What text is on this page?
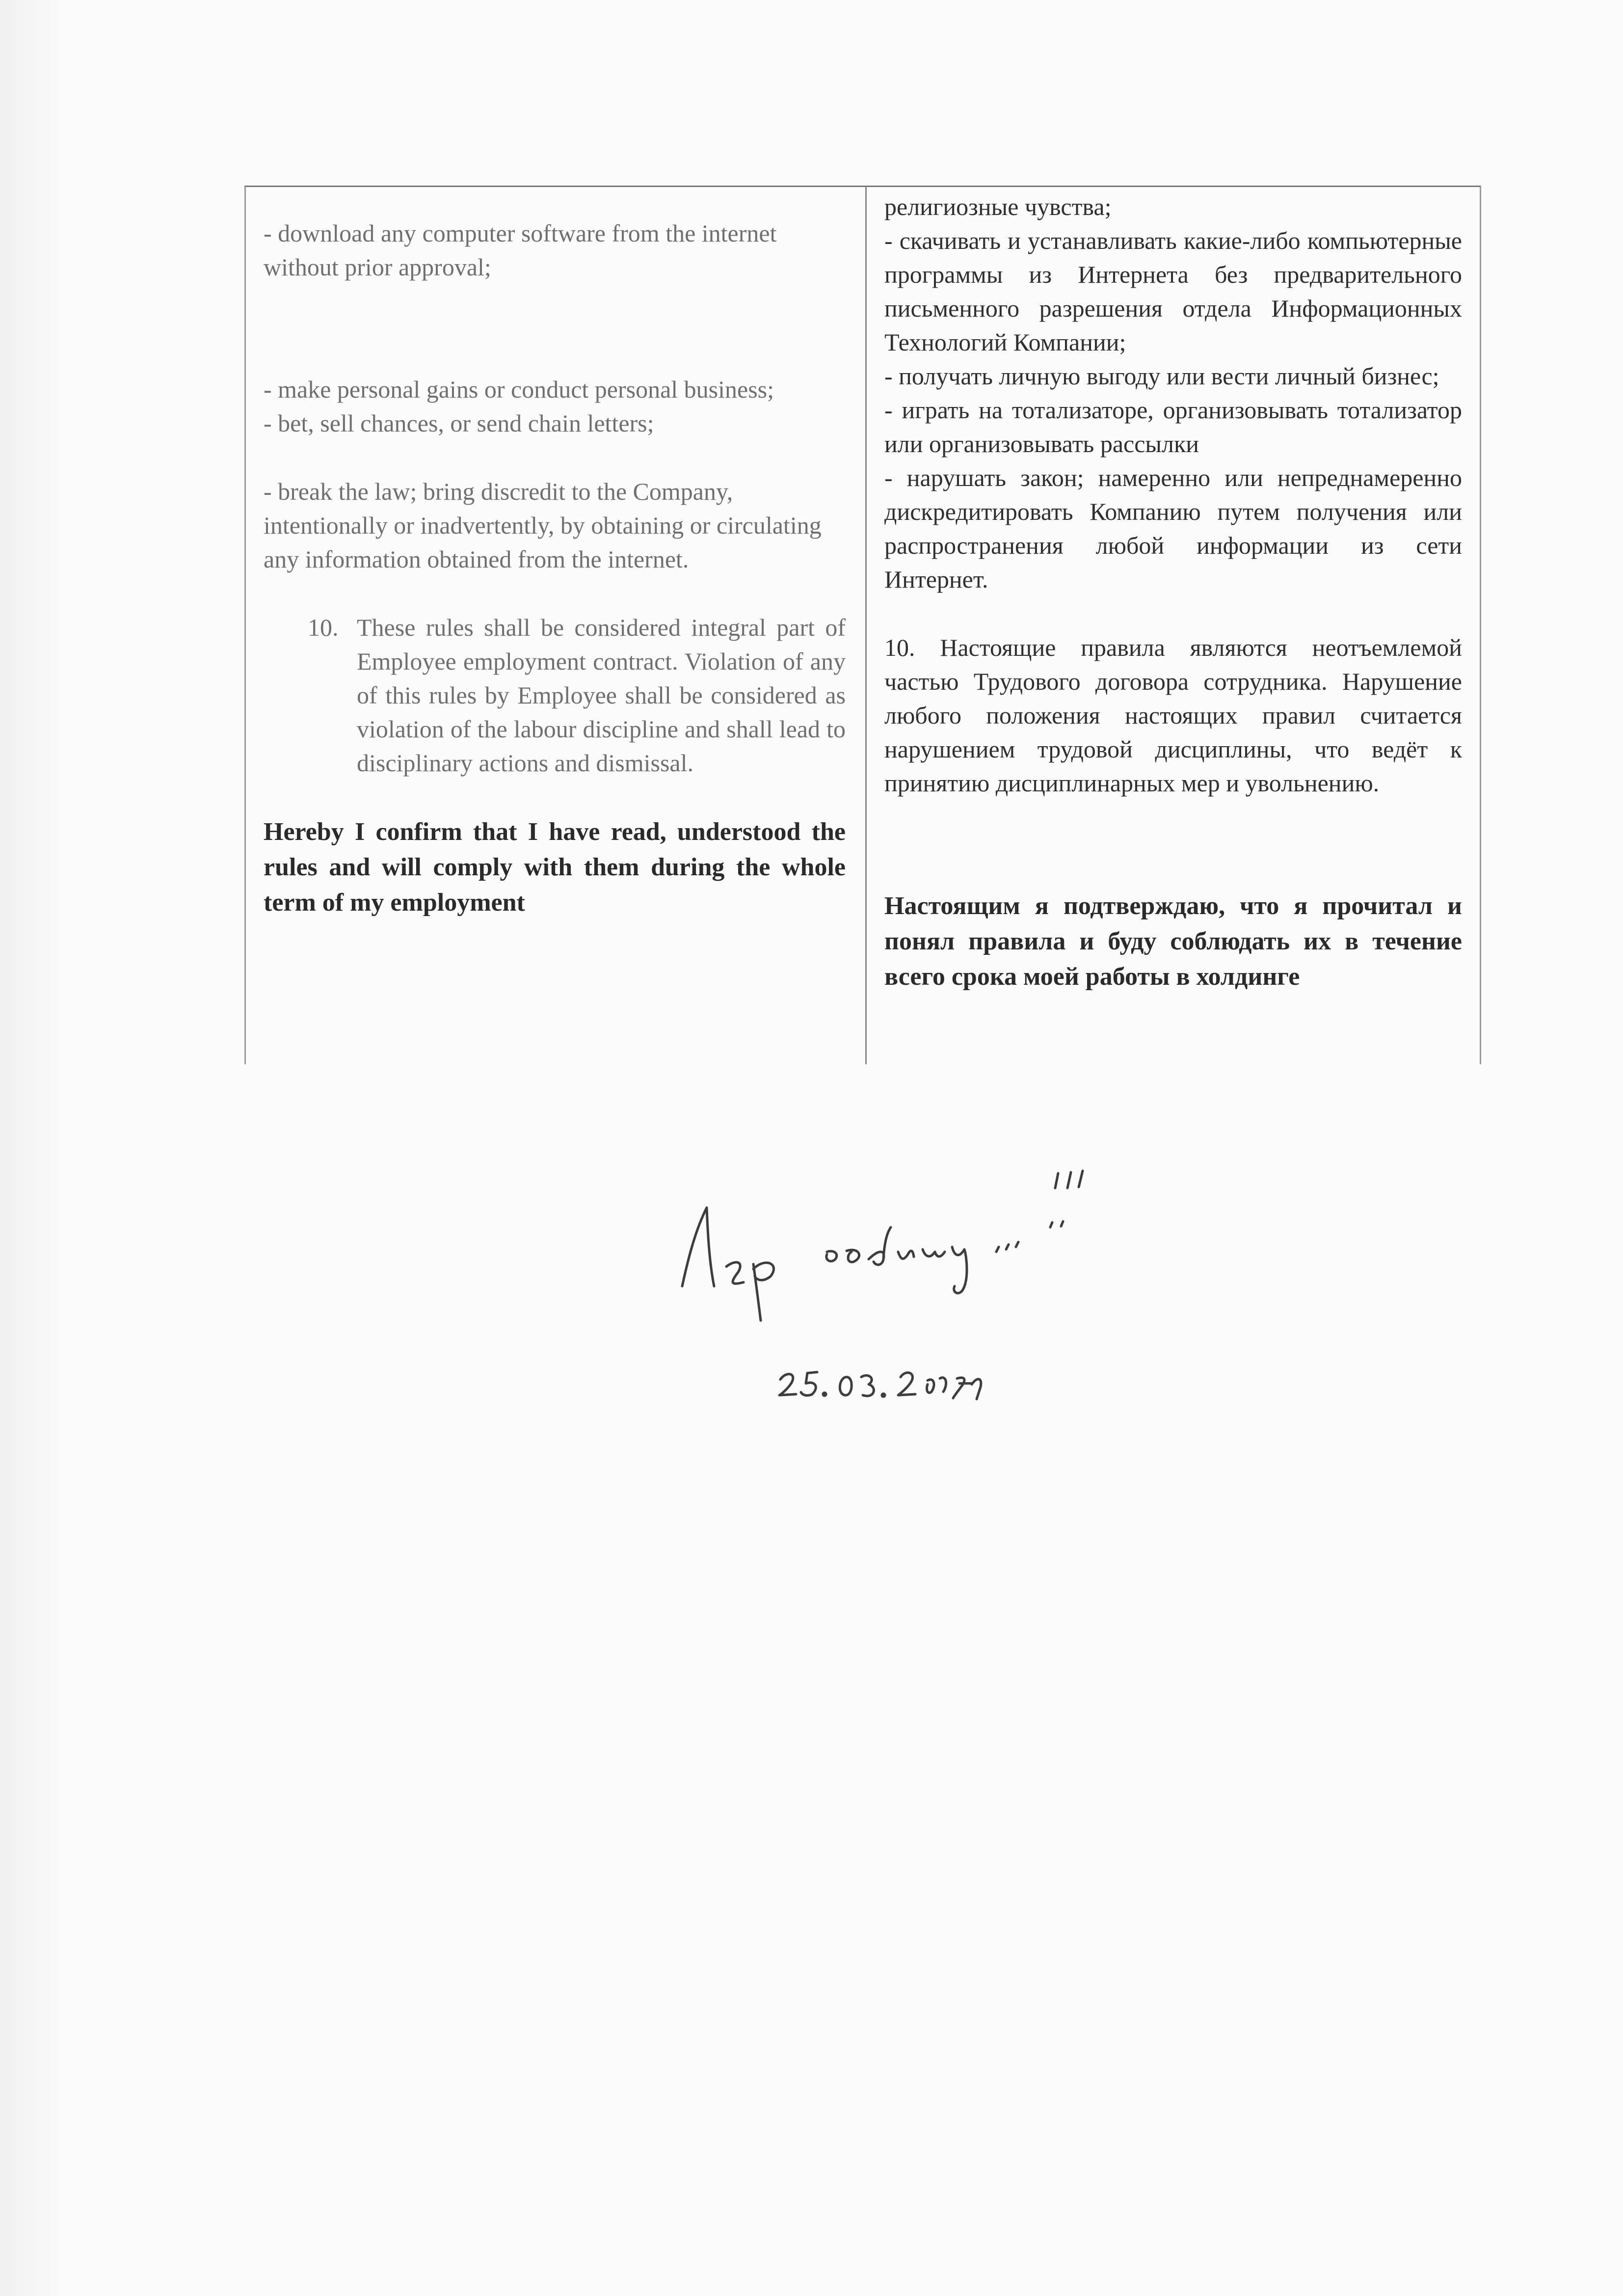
- download any computer software from the internet without prior approval;

- make personal gains or conduct personal business;

- bet, sell chances, or send chain letters;

- break the law; bring discredit to the Company, intentionally or inadvertently, by obtaining or circulating any information obtained from the internet.

10. These rules shall be considered integral part of Employee employment contract. Violation of any of this rules by Employee shall be considered as violation of the labour discipline and shall lead to disciplinary actions and dismissal.

Hereby I confirm that I have read, understood the rules and will comply with them during the whole term of my employment

религиозные чувства;

- скачивать и устанавливать какие-либо компьютерные программы из Интернета без предварительного письменного разрешения отдела Информационных Технологий Компании;

- получать личную выгоду или вести личный бизнес;

- играть на тотализаторе, организовывать тотализатор или организовывать рассылки

- нарушать закон; намеренно или непреднамеренно дискредитировать Компанию путем получения или распространения любой информации из сети Интернет.

10. Настоящие правила являются неотъемлемой частью Трудового договора сотрудника. Нарушение любого положения настоящих правил считается нарушением трудовой дисциплины, что ведёт к принятию дисциплинарных мер и увольнению.

Настоящим я подтверждаю, что я прочитал и понял правила и буду соблюдать их в течение всего срока моей работы в холдинге
